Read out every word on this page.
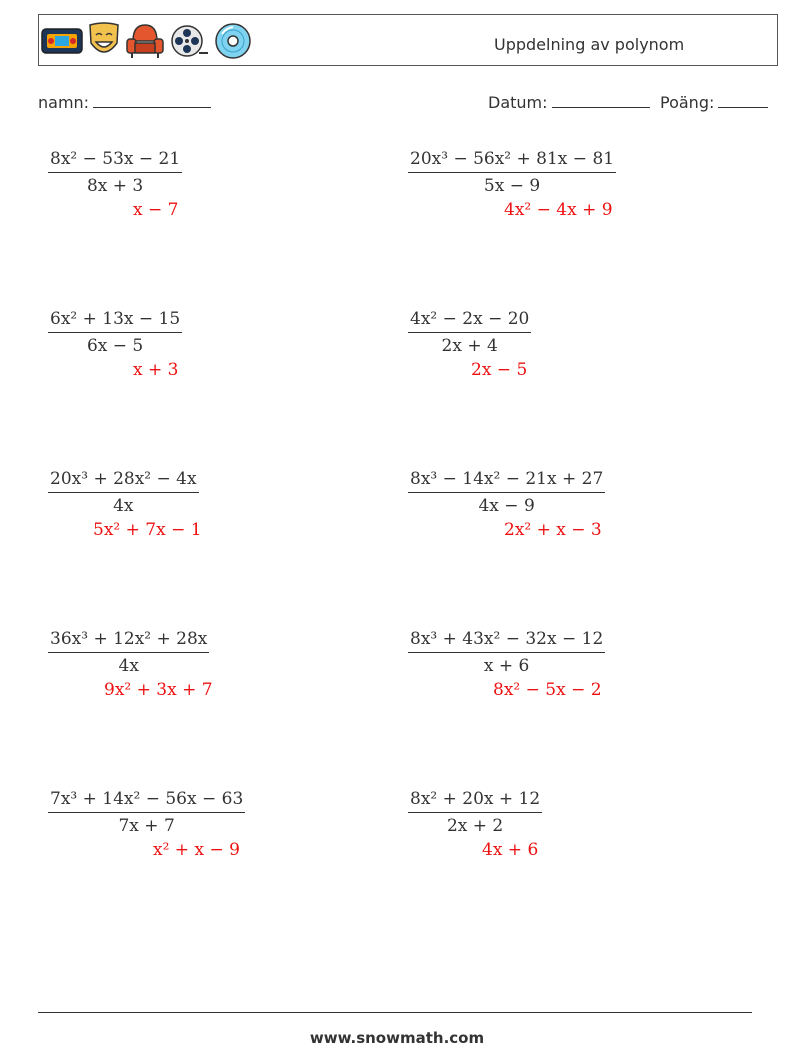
Uppdelning av polynom
namn:	Datum:	Poäng:
$\frac{\text{8x² − 53x − 21}}{8x + 3}$
x − 7
$\frac{\text{20x³ − 56x² + 81x − 81}}{5x - 9}$
4x² − 4x + 9
$\frac{\text{6x² + 13x − 15}}{6x - 5}$
x + 3
$\frac{\text{4x² − 2x − 20}}{2x + 4}$
2x − 5
$\frac{\text{20x³ + 28x² − 4x}}{4x}$
5x² + 7x − 1
$\frac{\text{8x³ − 14x² − 21x + 27}}{4x - 9}$
2x² + x − 3
$\frac{\text{36x³ + 12x² + 28x}}{4x}$
9x² + 3x + 7
$\frac{\text{8x³ + 43x² − 32x − 12}}{x + 6}$
8x² − 5x − 2
$\frac{\text{7x³ + 14x² − 56x − 63}}{7x + 7}$
x² + x − 9
$\frac{\text{8x² + 20x + 12}}{2x + 2}$
4x + 6
www.snowmath.com
